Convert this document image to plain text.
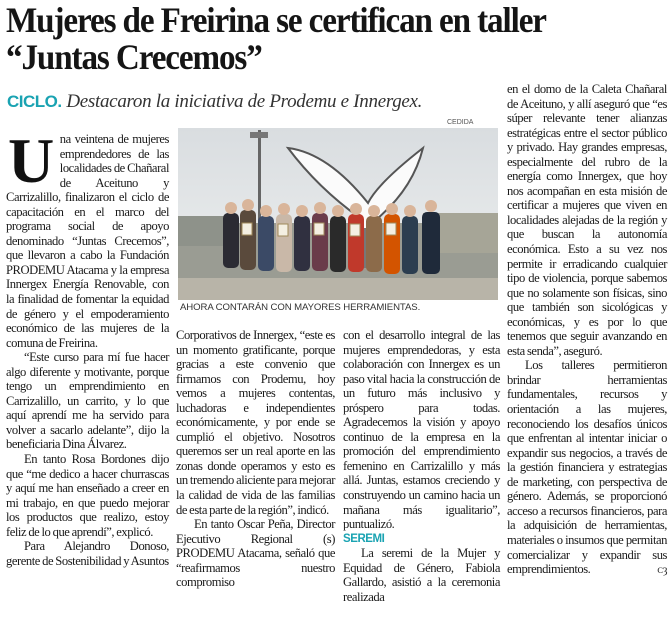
Mujeres de Freirina se certifican en taller
“Juntas Crecemos”
CICLO. Destacaron la iniciativa de Prodemu e Innergex.
CEDIDA
AHORA CONTARÁN CON MAYORES HERRAMIENTAS.

Una veintena de mujeres emprendedores de las localidades de Chañaral de Aceituno y Carrizalillo, finalizaron el ciclo de capacitación en el marco del programa social de apoyo denominado “Juntas Crecemos”, que llevaron a cabo la Fundación PRODEMU Atacama y la empresa Innergex Energía Renovable, con la finalidad de fomentar la equidad de género y el empoderamiento económico de las mujeres de la comuna de Freirina.

“Este curso para mí fue hacer algo diferente y motivante, porque tengo un emprendimiento en Carrizalillo, un carrito, y lo que aquí aprendí me ha servido para volver a sacarlo adelante”, dijo la beneficiaria Dina Álvarez.

En tanto Rosa Bordones dijo que “me dedico a hacer churrascas y aquí me han enseñado a creer en mi trabajo, en que puedo mejorar los productos que realizo, estoy feliz de lo que aprendí”, explicó.

Para Alejandro Donoso, gerente de Sostenibilidad y Asuntos

Corporativos de Innergex, “este es un momento gratificante, porque gracias a este convenio que firmamos con Prodemu, hoy vemos a mujeres contentas, luchadoras e independientes económicamente, y por ende se cumplió el objetivo. Nosotros queremos ser un real aporte en las zonas donde operamos y esto es un tremendo aliciente para mejorar la calidad de vida de las familias de esta parte de la región”, indicó.

En tanto Oscar Peña, Director Ejecutivo Regional (s) PRODEMU Atacama, señaló que “reafirmamos nuestro compromiso

con el desarrollo integral de las mujeres emprendedoras, y esta colaboración con Innergex es un paso vital hacia la construcción de un futuro más inclusivo y próspero para todas. Agradecemos la visión y apoyo continuo de la empresa en la promoción del emprendimiento femenino en Carrizalillo y más allá. Juntas, estamos creciendo y construyendo un camino hacia un mañana más igualitario”, puntualizó.

SEREMI

La seremi de la Mujer y Equidad de Género, Fabiola Gallardo, asistió a la ceremonia realizada

en el domo de la Caleta Chañaral de Aceituno, y allí aseguró que “es súper relevante tener alianzas estratégicas entre el sector público y privado. Hay grandes empresas, especialmente del rubro de la energía como Innergex, que hoy nos acompañan en esta misión de certificar a mujeres que viven en localidades alejadas de la región y que buscan la autonomía económica. Esto a su vez nos permite ir erradicando cualquier tipo de violencia, porque sabemos que no solamente son físicas, sino que también son sicológicas y económicas, y es por lo que tenemos que seguir avanzando en esta senda”, aseguró.

Los talleres permitieron brindar herramientas fundamentales, recursos y orientación a las mujeres, reconociendo los desafíos únicos que enfrentan al intentar iniciar o expandir sus negocios, a través de la gestión financiera y estrategias de marketing, con perspectiva de género. Además, se proporcionó acceso a recursos financieros, para la adquisición de herramientas, materiales o insumos que permitan comercializar y expandir sus emprendimientos.	ᴄȝ
